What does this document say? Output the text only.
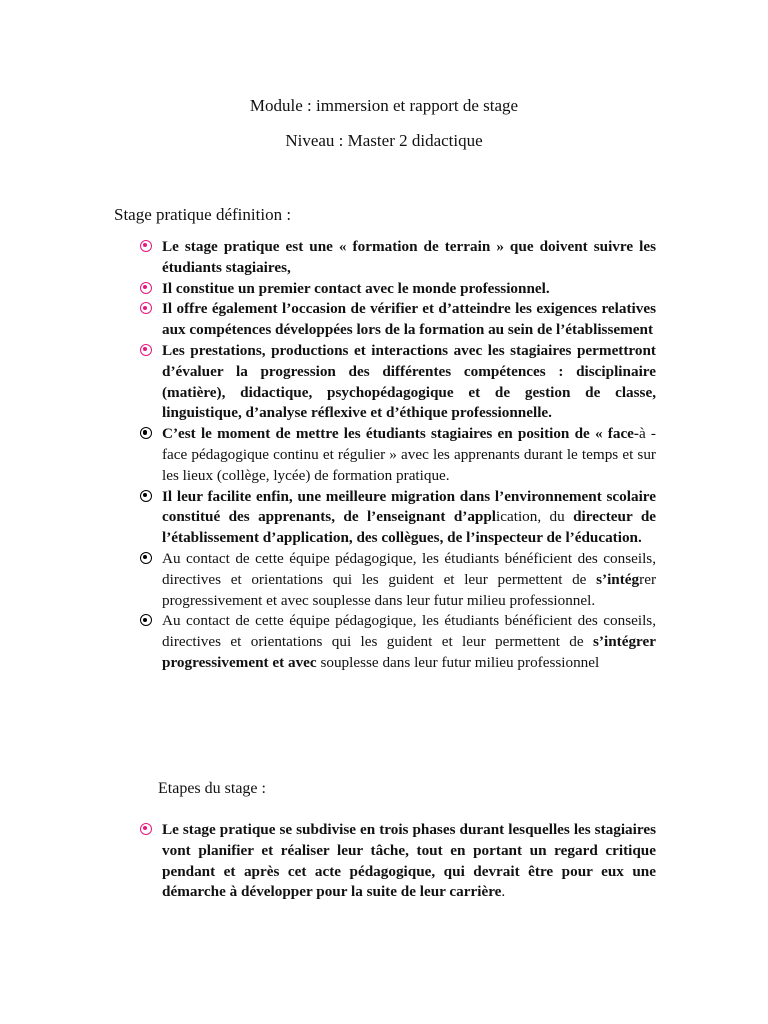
Module : immersion et rapport de stage
Niveau : Master 2 didactique
Stage pratique définition :
Le stage pratique est une « formation de terrain » que doivent suivre les étudiants stagiaires,
Il constitue un premier contact avec le monde professionnel.
Il offre également l’occasion de vérifier et d’atteindre les exigences relatives aux compétences développées lors de la formation au sein de l’établissement
Les prestations, productions et interactions avec les stagiaires permettront d’évaluer la progression des différentes compétences : disciplinaire (matière), didactique, psychopédagogique et de gestion de classe, linguistique, d’analyse réflexive et d’éthique professionnelle.
C’est le moment de mettre les étudiants stagiaires en position de « face-à -face pédagogique continu et régulier » avec les apprenants durant le temps et sur les lieux (collège, lycée) de formation pratique.
Il leur facilite enfin, une meilleure migration dans l’environnement scolaire constitué des apprenants, de l’enseignant d’application, du directeur de l’établissement d’application, des collègues, de l’inspecteur de l’éducation.
Au contact de cette équipe pédagogique, les étudiants bénéficient des conseils, directives et orientations qui les guident et leur permettent de s’intégrer progressivement et avec souplesse dans leur futur milieu professionnel.
Au contact de cette équipe pédagogique, les étudiants bénéficient des conseils, directives et orientations qui les guident et leur permettent de s’intégrer progressivement et avec souplesse dans leur futur milieu professionnel
Etapes du stage :
Le stage pratique se subdivise en trois phases durant lesquelles les stagiaires vont planifier et réaliser leur tâche, tout en portant un regard critique pendant et après cet acte pédagogique, qui devrait être pour eux une démarche à développer pour la suite de leur carrière.
